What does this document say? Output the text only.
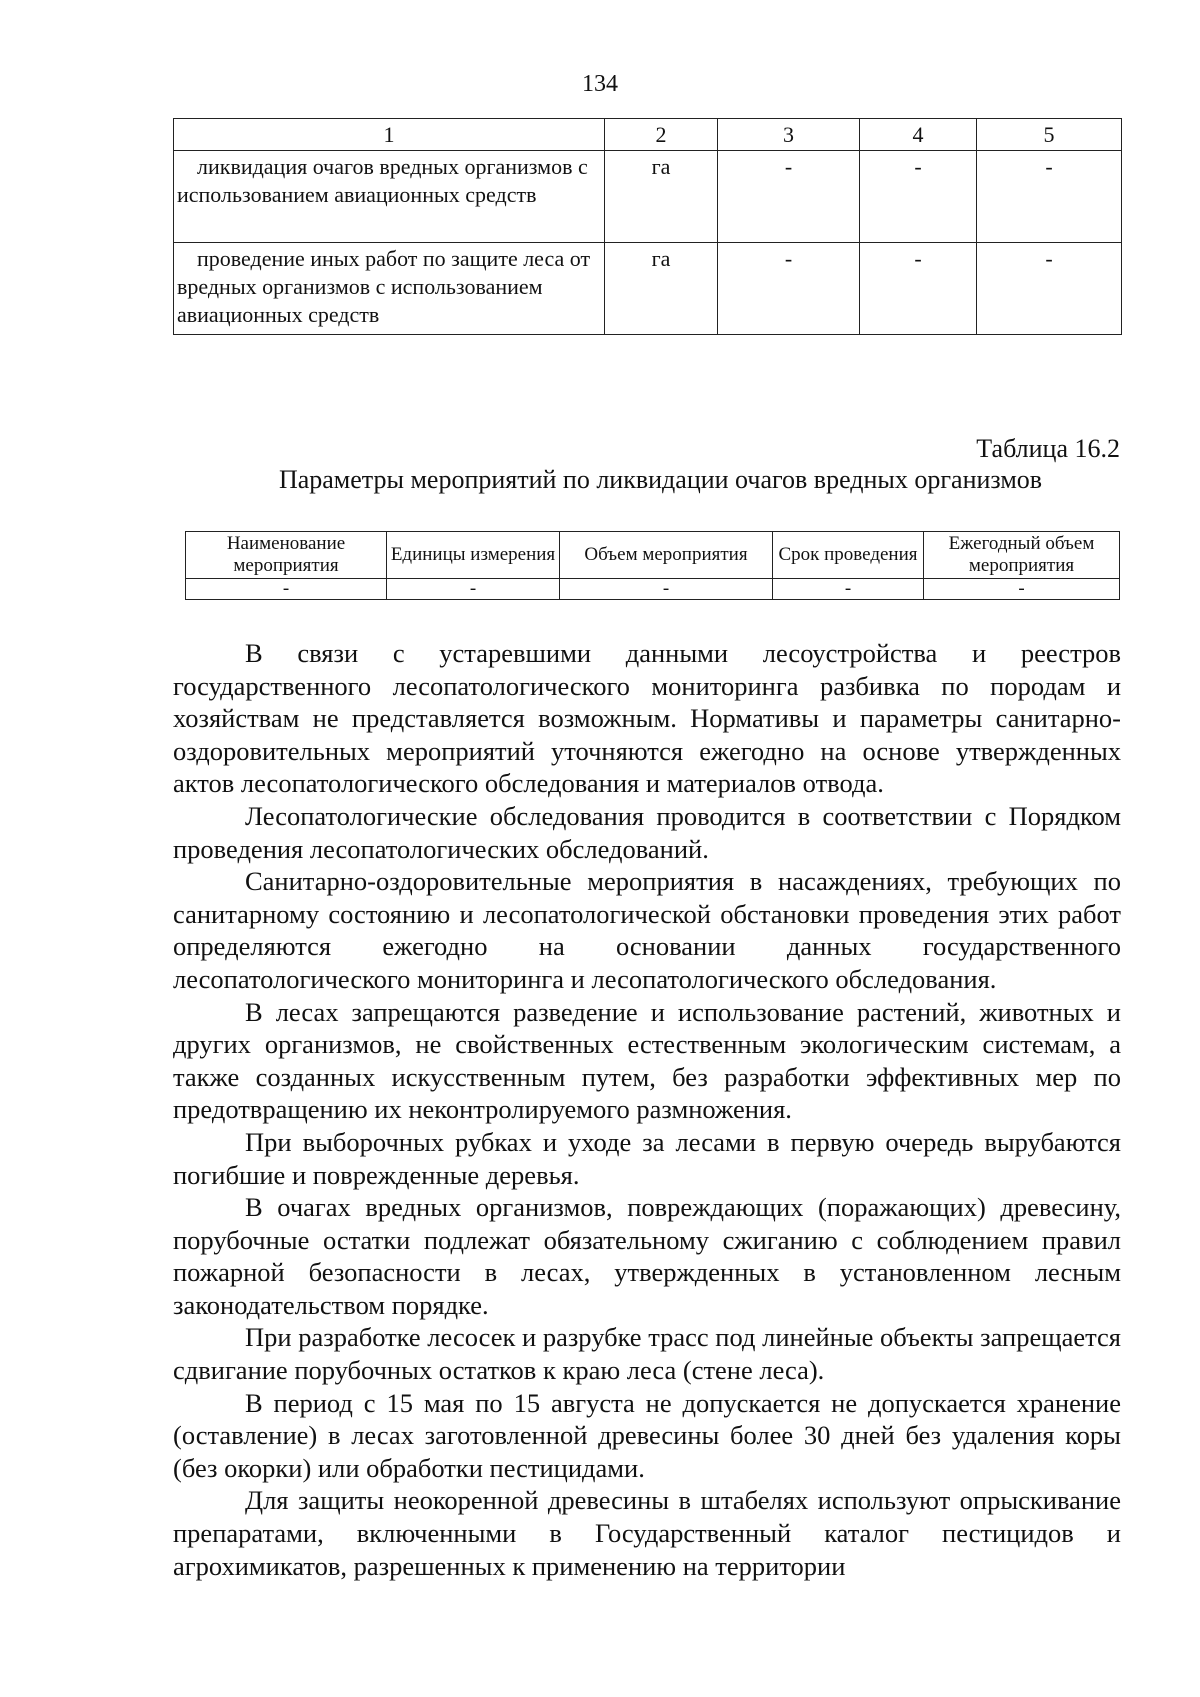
134
1	2	3	4	5
ликвидация очагов вредных организмов с использованием авиационных средств	га	-	-	-
проведение иных работ по защите леса от вредных организмов с использованием авиационных средств	га	-	-	-
Таблица 16.2
Параметры мероприятий по ликвидации очагов вредных организмов
Наименование мероприятия	Единицы измерения	Объем мероприятия	Срок проведения	Ежегодный объем мероприятия
-	-	-	-	-

В связи с устаревшими данными лесоустройства и реестров государственного лесопатологического мониторинга разбивка по породам и хозяйствам не представляется возможным. Нормативы и параметры санитарно-оздоровительных мероприятий уточняются ежегодно на основе утвержденных актов лесопатологического обследования и материалов отвода.

Лесопатологические обследования проводится в соответствии с Порядком проведения лесопатологических обследований.

Санитарно-оздоровительные мероприятия в насаждениях, требующих по санитарному состоянию и лесопатологической обстановки проведения этих работ определяются ежегодно на основании данных государственного лесопатологического мониторинга и лесопатологического обследования.

В лесах запрещаются разведение и использование растений, животных и других организмов, не свойственных естественным экологическим системам, а также созданных искусственным путем, без разработки эффективных мер по предотвращению их неконтролируемого размножения.

При выборочных рубках и уходе за лесами в первую очередь вырубаются погибшие и поврежденные деревья.

В очагах вредных организмов, повреждающих (поражающих) древесину, порубочные остатки подлежат обязательному сжиганию с соблюдением правил пожарной безопасности в лесах, утвержденных в установленном лесным законодательством порядке.

При разработке лесосек и разрубке трасс под линейные объекты запрещается сдвигание порубочных остатков к краю леса (стене леса).

В период с 15 мая по 15 августа не допускается не допускается хранение (оставление) в лесах заготовленной древесины более 30 дней без удаления коры (без окорки) или обработки пестицидами.

Для защиты неокоренной древесины в штабелях используют опрыскивание препаратами, включенными в Государственный каталог пестицидов и агрохимикатов, разрешенных к применению на территории
